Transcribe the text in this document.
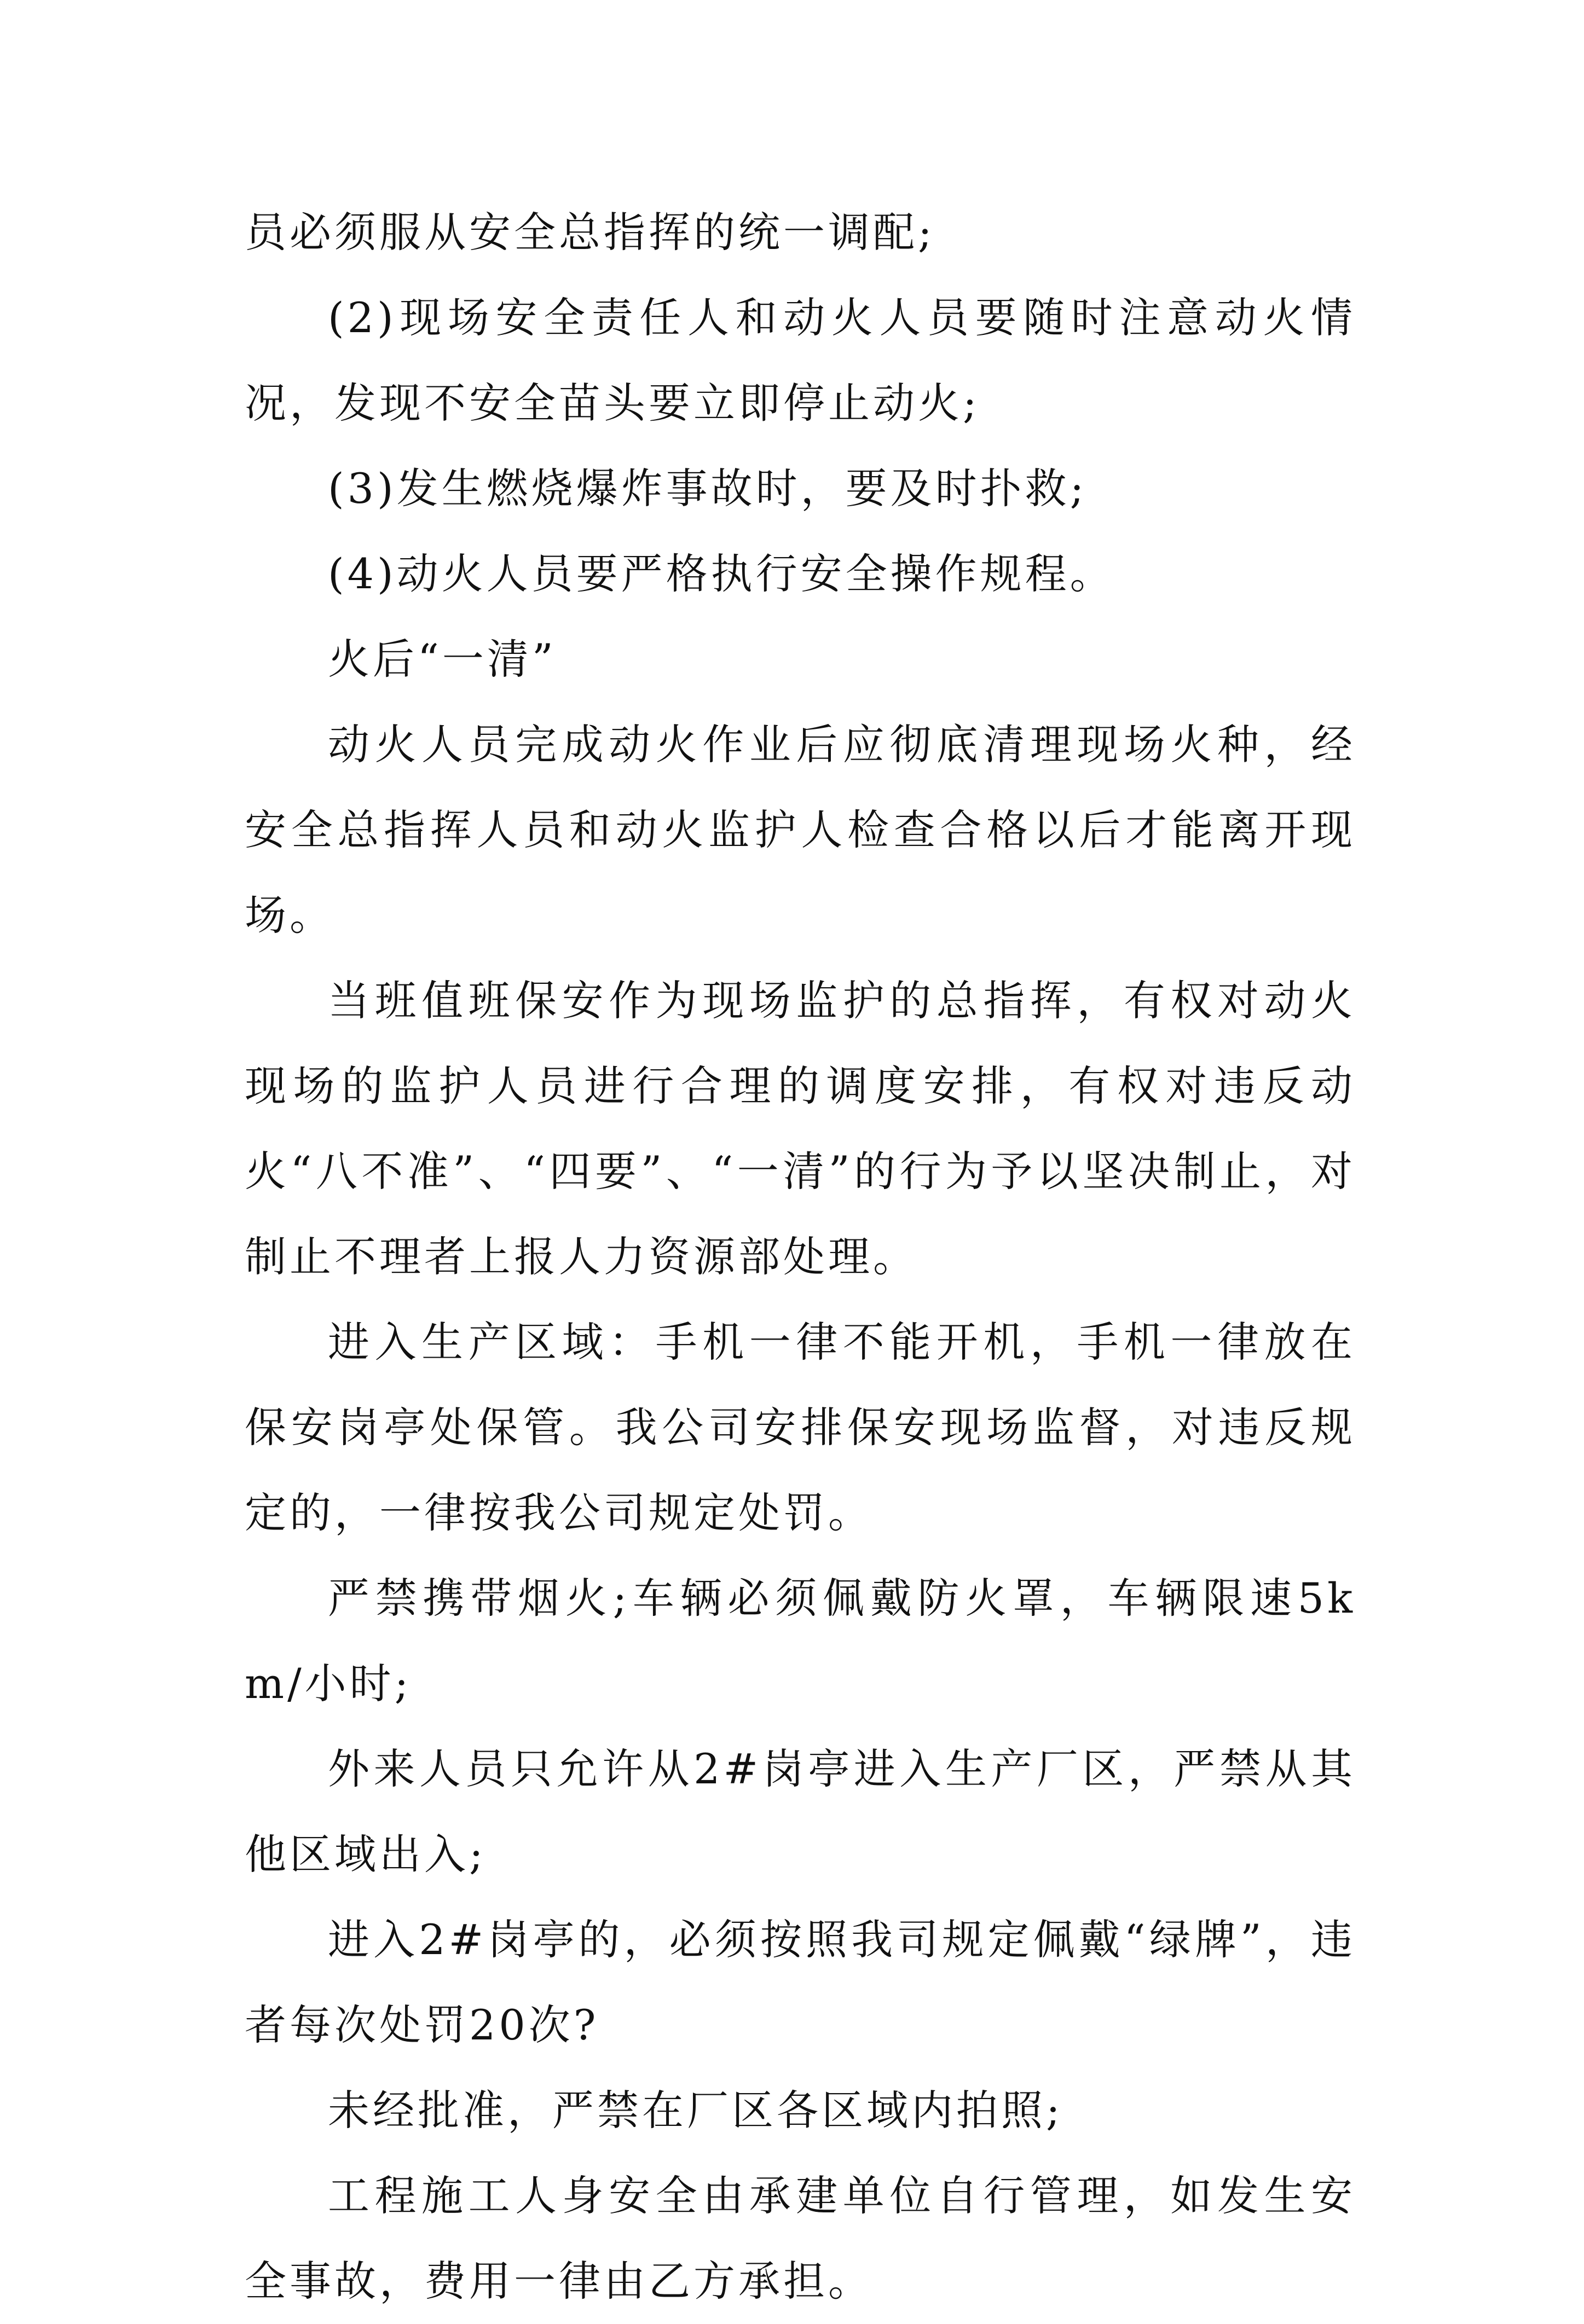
员必须服从安全总指挥的统一调配;

(2)现场安全责任人和动火人员要随时注意动火情况，发现不安全苗头要立即停止动火;

(3)发生燃烧爆炸事故时，要及时扑救;

(4)动火人员要严格执行安全操作规程。

火后“一清”

动火人员完成动火作业后应彻底清理现场火种，经安全总指挥人员和动火监护人检查合格以后才能离开现场。

当班值班保安作为现场监护的总指挥，有权对动火现场的监护人员进行合理的调度安排，有权对违反动火“八不准”、“四要”、“一清”的行为予以坚决制止，对制止不理者上报人力资源部处理。

进入生产区域：手机一律不能开机，手机一律放在保安岗亭处保管。我公司安排保安现场监督，对违反规定的，一律按我公司规定处罚。

严禁携带烟火;车辆必须佩戴防火罩，车辆限速5km/小时;

外来人员只允许从2#岗亭进入生产厂区，严禁从其他区域出入;

进入2#岗亭的，必须按照我司规定佩戴“绿牌”，违者每次处罚20次?

未经批准，严禁在厂区各区域内拍照;

工程施工人身安全由承建单位自行管理，如发生安全事故，费用一律由乙方承担。
